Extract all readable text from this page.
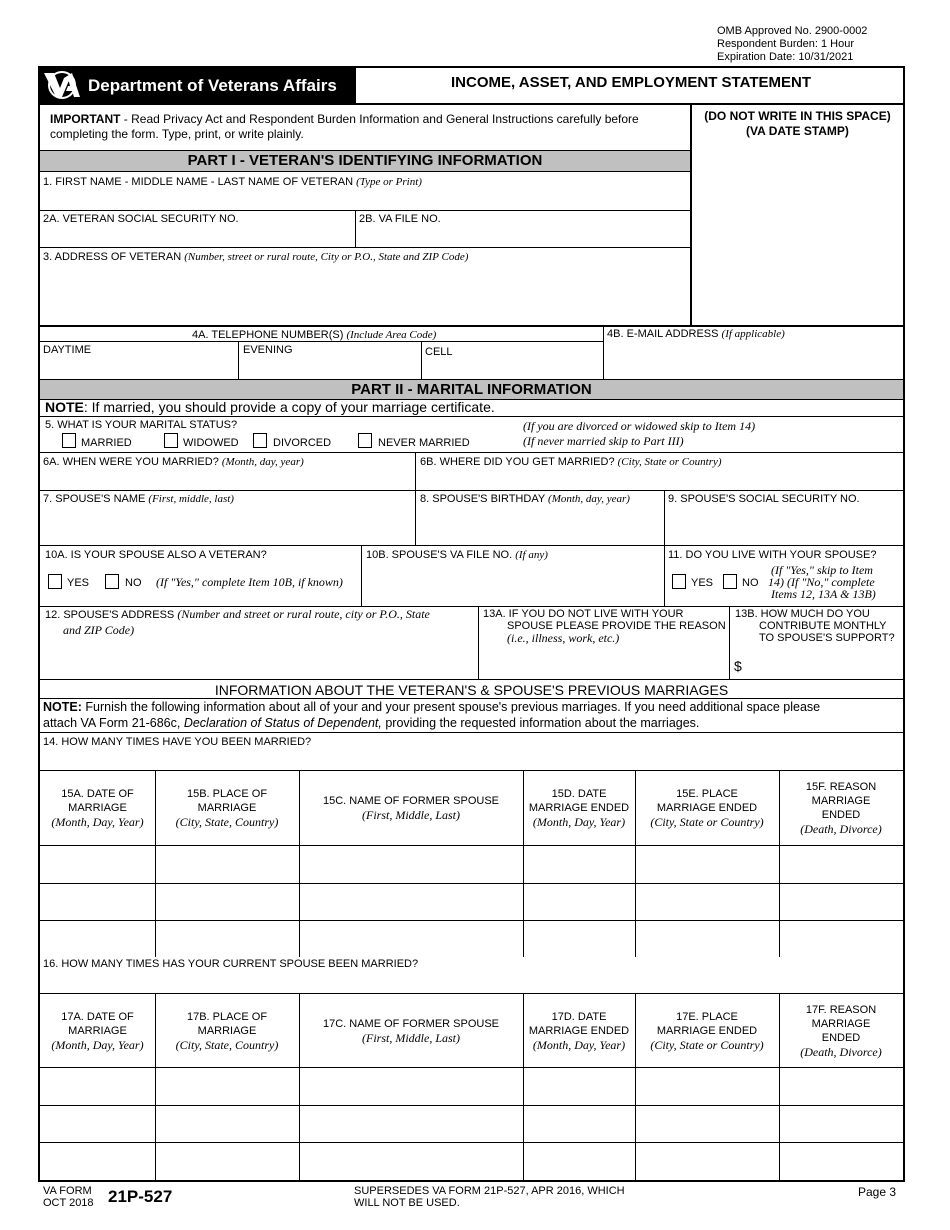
OMB Approved No. 2900-0002
Respondent Burden: 1 Hour
Expiration Date: 10/31/2021
Department of Veterans Affairs	INCOME, ASSET, AND EMPLOYMENT STATEMENT
IMPORTANT - Read Privacy Act and Respondent Burden Information and General Instructions carefully before
completing the form. Type, print, or write plainly.
(DO NOT WRITE IN THIS SPACE)
(VA DATE STAMP)
PART I - VETERAN'S IDENTIFYING INFORMATION
1. FIRST NAME - MIDDLE NAME - LAST NAME OF VETERAN (Type or Print)
2A. VETERAN SOCIAL SECURITY NO.	2B. VA FILE NO.
3. ADDRESS OF VETERAN (Number, street or rural route, City or P.O., State and ZIP Code)
4A. TELEPHONE NUMBER(S) (Include Area Code)	4B. E-MAIL ADDRESS (If applicable)
DAYTIME	EVENING	CELL
PART II - MARITAL INFORMATION
NOTE: If married, you should provide a copy of your marriage certificate.
5. WHAT IS YOUR MARITAL STATUS?
MARRIED	WIDOWED	DIVORCED	NEVER MARRIED
(If you are divorced or widowed skip to Item 14)
(If never married skip to Part III)
6A. WHEN WERE YOU MARRIED? (Month, day, year)	6B. WHERE DID YOU GET MARRIED? (City, State or Country)
7. SPOUSE'S NAME (First, middle, last)	8. SPOUSE'S BIRTHDAY (Month, day, year)	9. SPOUSE'S SOCIAL SECURITY NO.
10A. IS YOUR SPOUSE ALSO A VETERAN?
YES	NO (If "Yes," complete Item 10B, if known)
10B. SPOUSE'S VA FILE NO. (If any)	11. DO YOU LIVE WITH YOUR SPOUSE?
YES	NO
(If "Yes," skip to Item
14) (If "No," complete
Items 12, 13A & 13B)
12. SPOUSE'S ADDRESS (Number and street or rural route, city or P.O., State
and ZIP Code)
13A. IF YOU DO NOT LIVE WITH YOUR
SPOUSE PLEASE PROVIDE THE REASON
(i.e., illness, work, etc.)
13B. HOW MUCH DO YOU
CONTRIBUTE MONTHLY
TO SPOUSE'S SUPPORT?
$
INFORMATION ABOUT THE VETERAN'S & SPOUSE'S PREVIOUS MARRIAGES
NOTE: Furnish the following information about all of your and your present spouse's previous marriages. If you need additional space please
attach VA Form 21-686c, Declaration of Status of Dependent, providing the requested information about the marriages.
14. HOW MANY TIMES HAVE YOU BEEN MARRIED?
15A. DATE OF
MARRIAGE
(Month, Day, Year)
15B. PLACE OF
MARRIAGE
(City, State, Country)
15C. NAME OF FORMER SPOUSE
(First, Middle, Last)
15D. DATE
MARRIAGE ENDED
(Month, Day, Year)
15E. PLACE
MARRIAGE ENDED
(City, State or Country)
15F. REASON
MARRIAGE
ENDED
(Death, Divorce)
16. HOW MANY TIMES HAS YOUR CURRENT SPOUSE BEEN MARRIED?
17A. DATE OF
MARRIAGE
(Month, Day, Year)
17B. PLACE OF
MARRIAGE
(City, State, Country)
17C. NAME OF FORMER SPOUSE
(First, Middle, Last)
17D. DATE
MARRIAGE ENDED
(Month, Day, Year)
17E. PLACE
MARRIAGE ENDED
(City, State or Country)
17F. REASON
MARRIAGE
ENDED
(Death, Divorce)
VA FORM
OCT 2018 21P-527	SUPERSEDES VA FORM 21P-527, APR 2016, WHICH
WILL NOT BE USED.
Page 3
